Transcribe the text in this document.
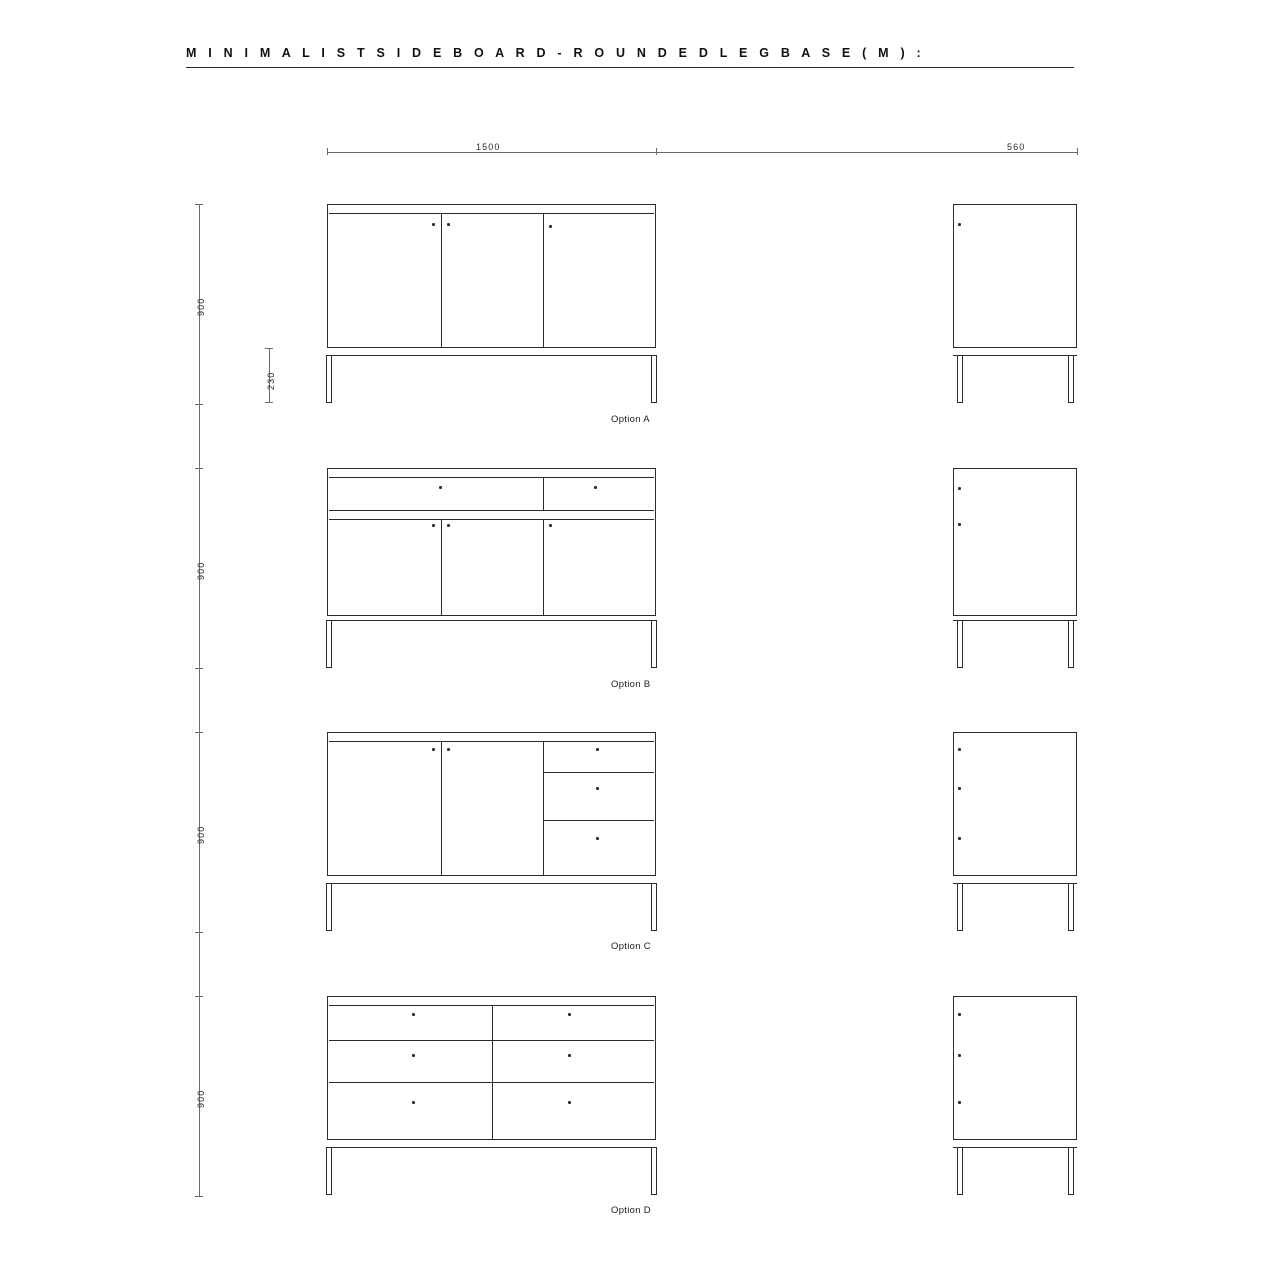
M I N I M A L I S T S I D E B O A R D - R O U N D E D L E G B A S E ( M ) :
1500	560
900
900
900
900
230
Option A
Option B
Option C
Option D
